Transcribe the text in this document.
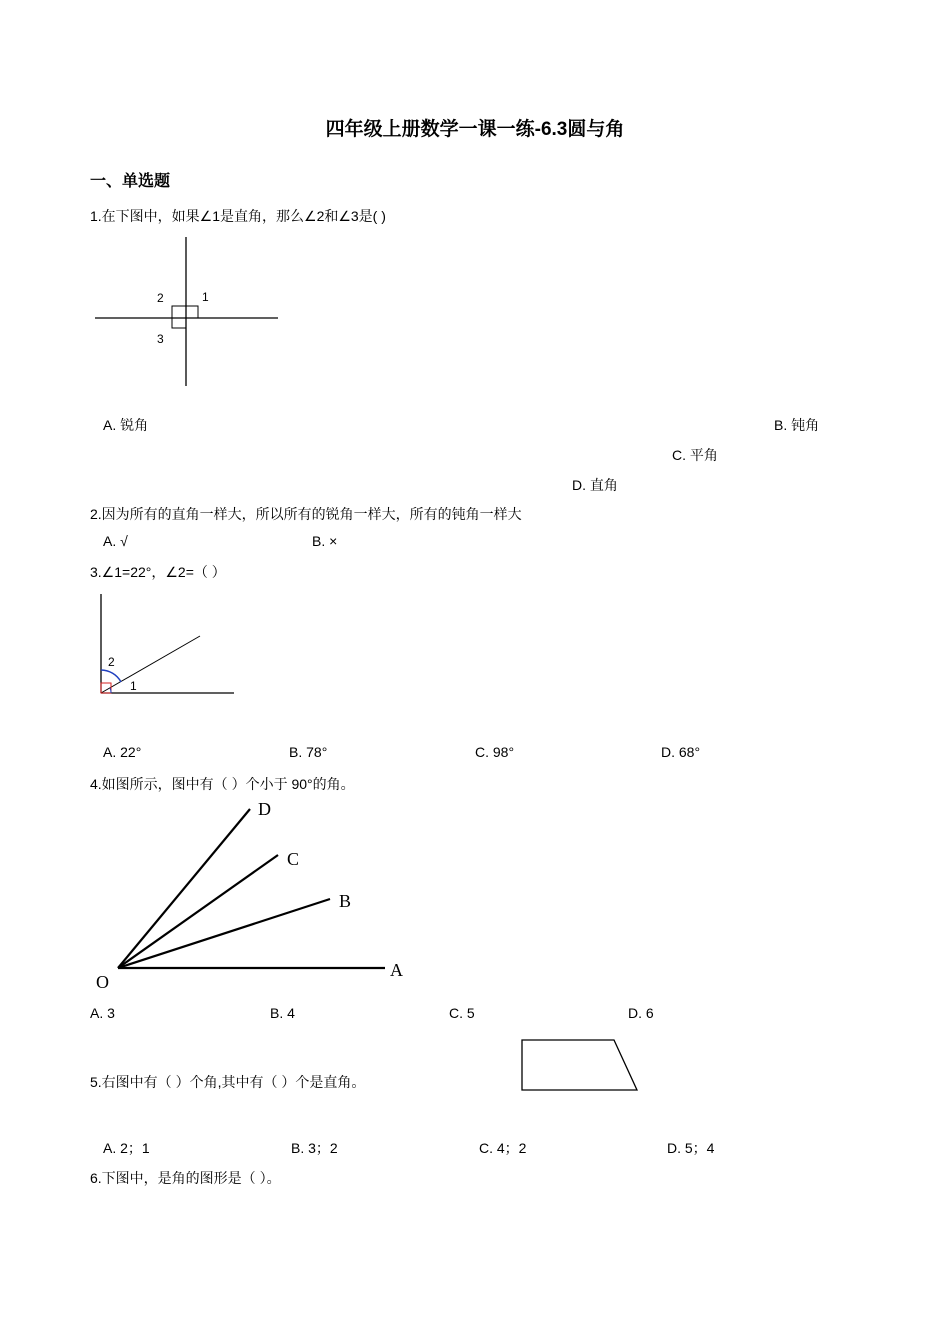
四年级上册数学一课一练-6.3圆与角
一、单选题
1.在下图中，如果∠1是直角，那么∠2和∠3是( )
1
2
3
A. 锐角	B. 钝角
C. 平角
D. 直角
2.因为所有的直角一样大，所以所有的锐角一样大，所有的钝角一样大
A. √	B. ×
3.∠1=22°，∠2=（ ）
2
1
A. 22°	B. 78°	C. 98°	D. 68°
4.如图所示，图中有（ ）个小于 90°的角。
D
C
B
A
O
A. 3	B. 4	C. 5	D. 6
5.右图中有（ ）个角,其中有（ ）个是直角。
A. 2；1	B. 3；2	C. 4；2	D. 5；4
6.下图中，是角的图形是（ ）。
